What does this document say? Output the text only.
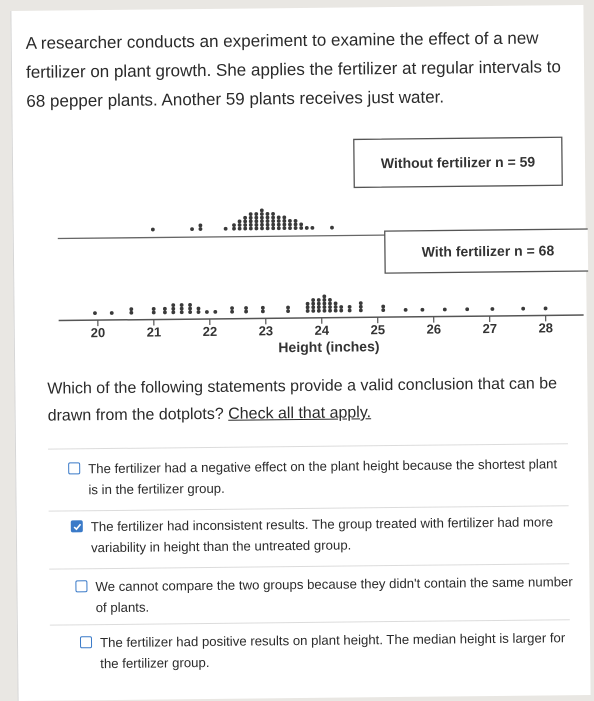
A researcher conducts an experiment to examine the effect of a new fertilizer on plant growth. She applies the fertilizer at regular intervals to 68 pepper plants. Another 59 plants receives just water.
Without fertilizer n = 59
With fertilizer n = 68
20	21	22	23	24	25	26	27	28
Height (inches)
Which of the following statements provide a valid conclusion that can be drawn from the dotplots? Check all that apply.
The fertilizer had a negative effect on the plant height because the shortest plant is in the fertilizer group.
The fertilizer had inconsistent results. The group treated with fertilizer had more variability in height than the untreated group.
We cannot compare the two groups because they didn't contain the same number of plants.
The fertilizer had positive results on plant height. The median height is larger for the fertilizer group.
